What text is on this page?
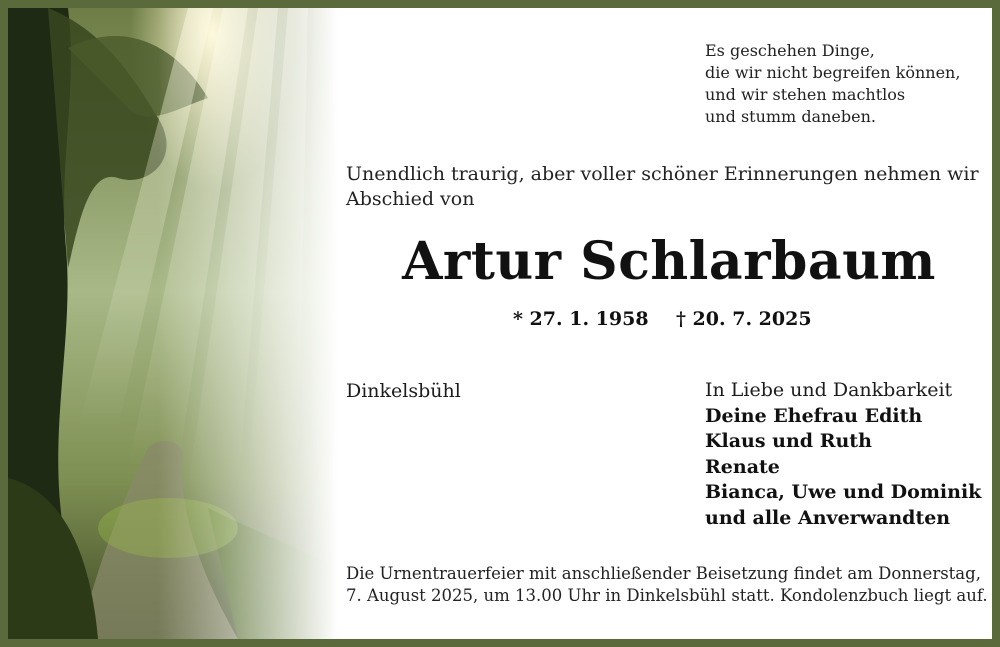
Es geschehen Dinge,
die wir nicht begreifen können,
und wir stehen machtlos
und stumm daneben.
Unendlich traurig, aber voller schöner Erinnerungen nehmen wir
Abschied von
Artur Schlarbaum
* 27. 1. 1958 † 20. 7. 2025
Dinkelsbühl	In Liebe und Dankbarkeit
Deine Ehefrau Edith
Klaus und Ruth
Renate
Bianca, Uwe und Dominik
und alle Anverwandten
Die Urnentrauerfeier mit anschließender Beisetzung findet am Donnerstag,
7. August 2025, um 13.00 Uhr in Dinkelsbühl statt. Kondolenzbuch liegt auf.
